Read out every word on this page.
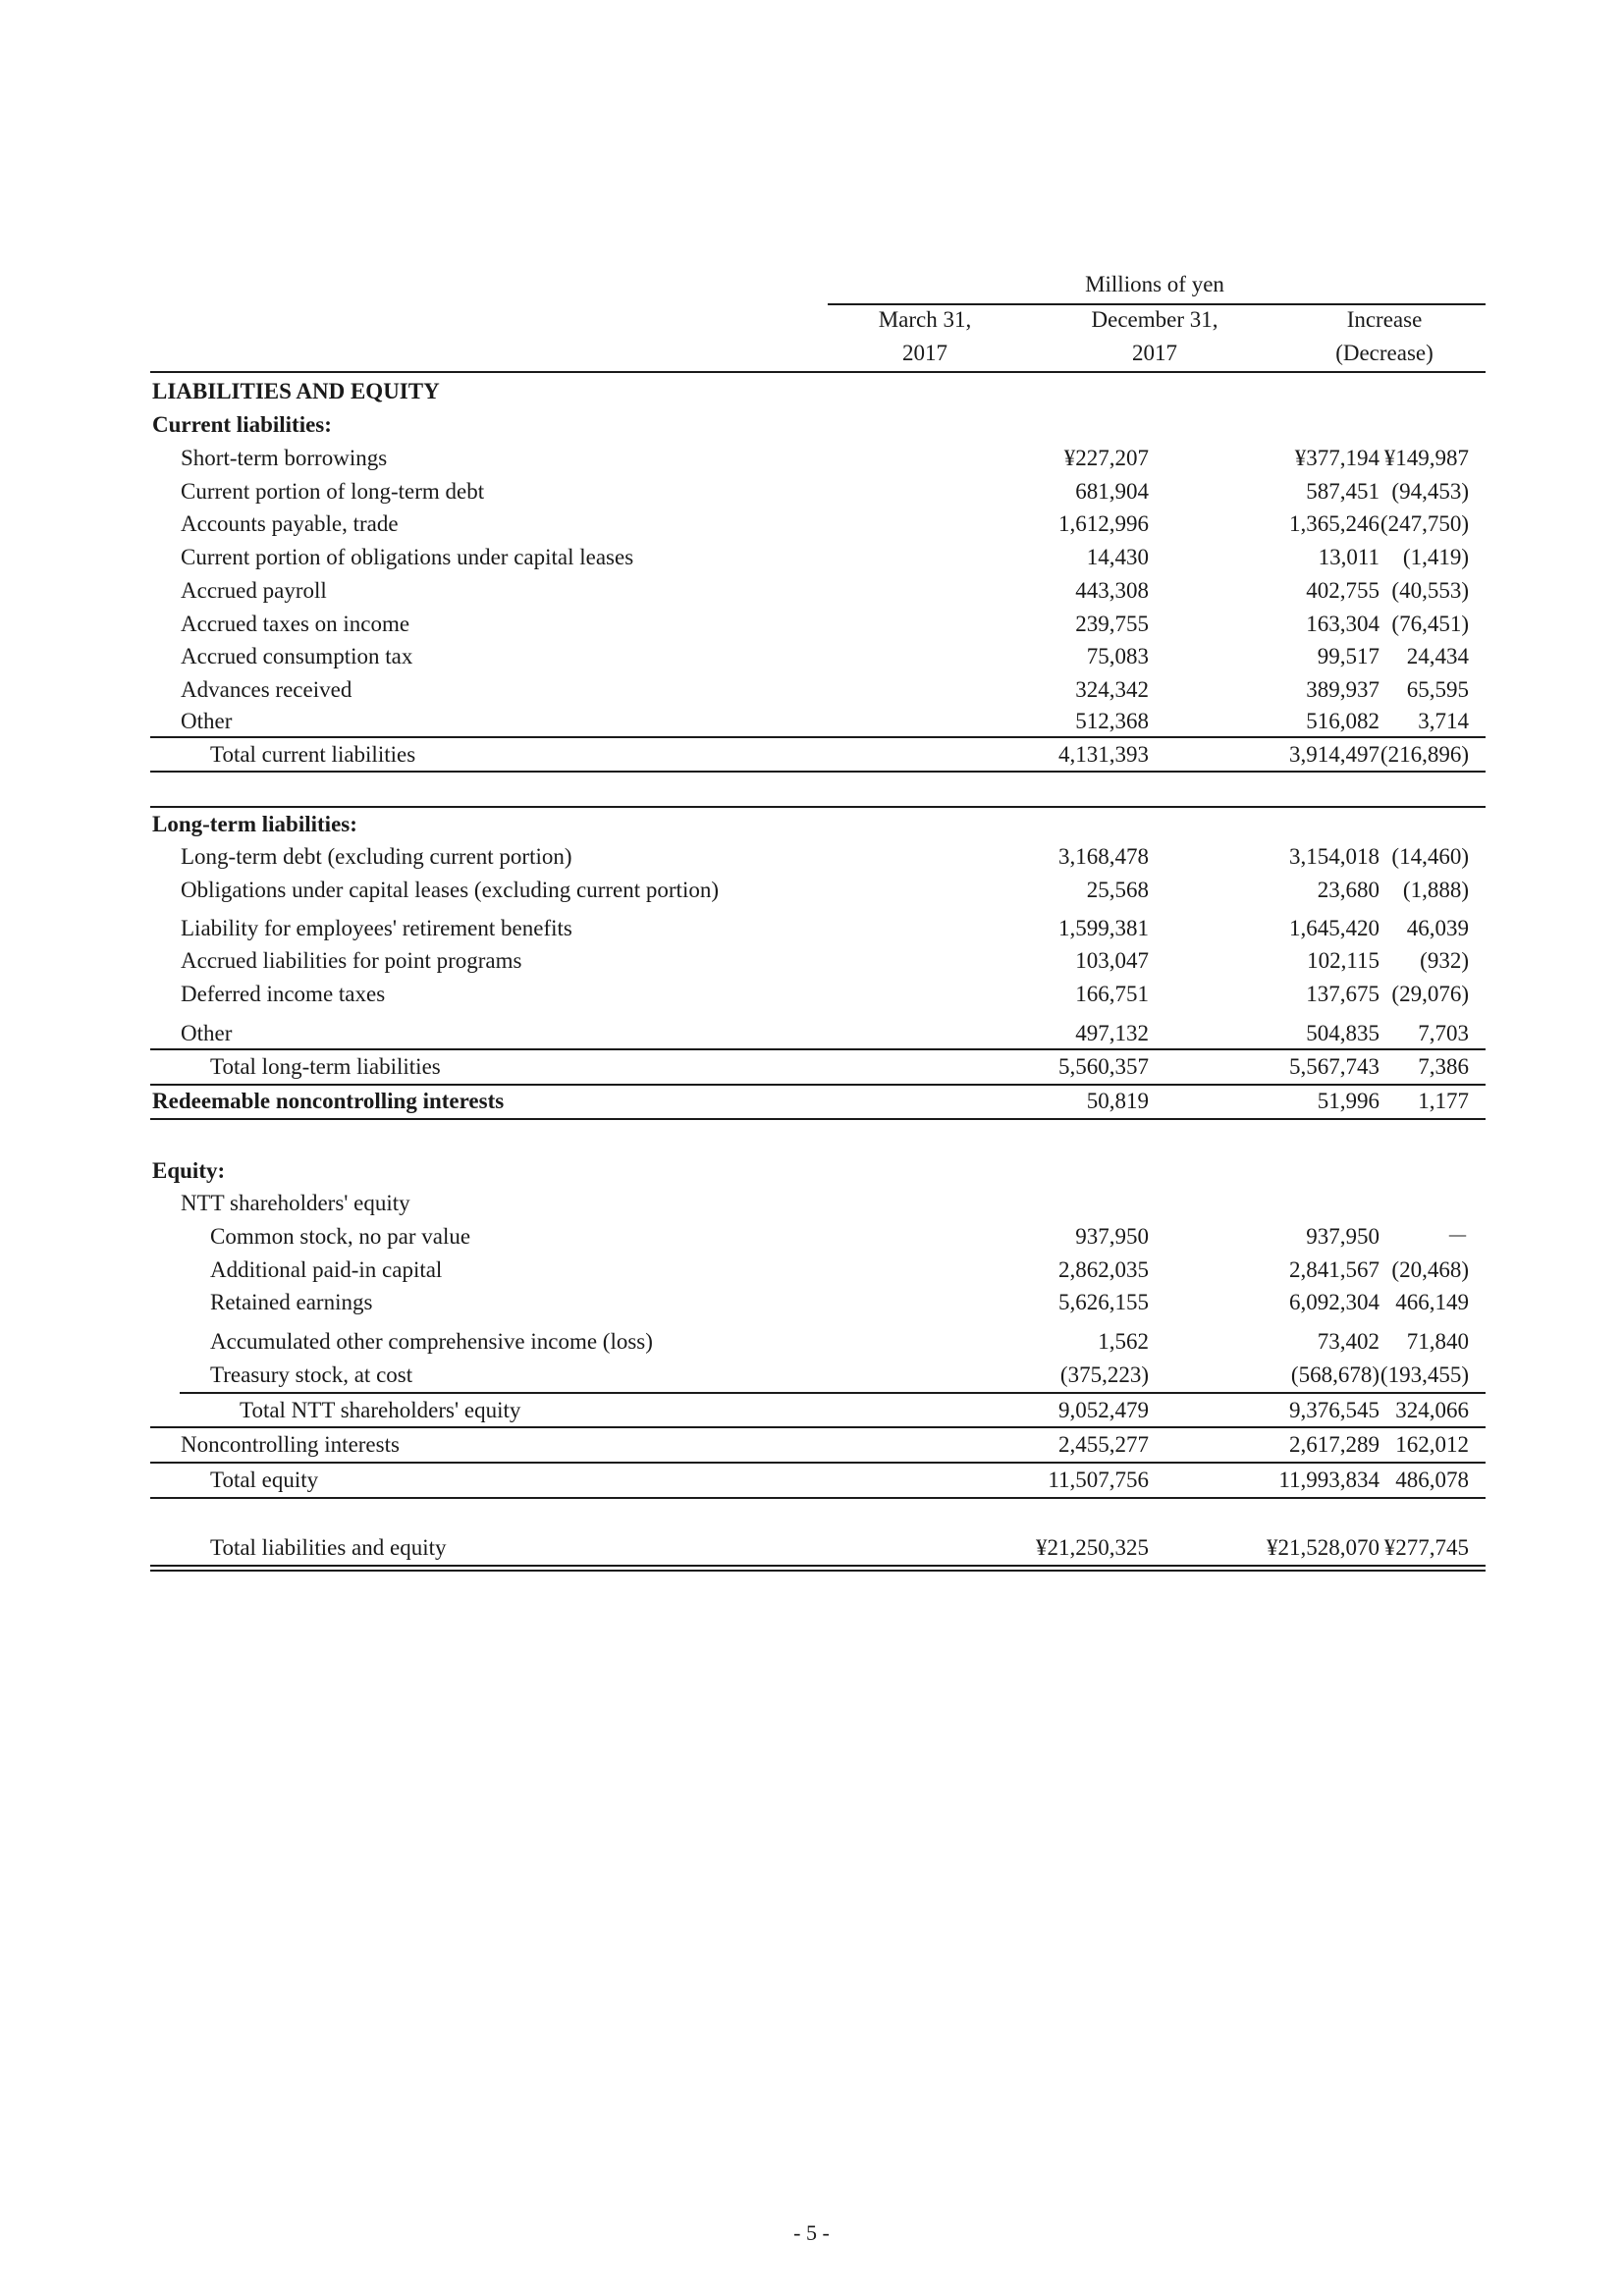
Millions of yen
March 31,
2017
December 31,
2017
Increase
(Decrease)
LIABILITIES AND EQUITY
Current liabilities:
Short-term borrowings	¥227,207	¥377,194 ¥149,987
Current portion of long-term debt	681,904	587,451 (94,453)
Accounts payable, trade	1,612,996	1,365,246 (247,750)
Current portion of obligations under capital leases	14,430	13,011 (1,419)
Accrued payroll	443,308	402,755 (40,553)
Accrued taxes on income	239,755	163,304 (76,451)
Accrued consumption tax	75,083	99,517 24,434
Advances received	324,342	389,937 65,595
Other	512,368	516,082 3,714
Total current liabilities	4,131,393	3,914,497 (216,896)
Long-term liabilities:
Long-term debt (excluding current portion)	3,168,478	3,154,018 (14,460)
Obligations under capital leases (excluding current portion)	25,568	23,680 (1,888)
Liability for employees' retirement benefits	1,599,381	1,645,420 46,039
Accrued liabilities for point programs	103,047	102,115 (932)
Deferred income taxes	166,751	137,675 (29,076)
Other	497,132	504,835 7,703
Total long-term liabilities	5,560,357	5,567,743 7,386
Redeemable noncontrolling interests	50,819	51,996 1,177
Equity:
NTT shareholders' equity
Common stock, no par value	937,950	937,950	－
Additional paid-in capital	2,862,035	2,841,567 (20,468)
Retained earnings	5,626,155	6,092,304 466,149
Accumulated other comprehensive income (loss)	1,562	73,402 71,840
Treasury stock, at cost	(375,223)	(568,678) (193,455)
Total NTT shareholders' equity	9,052,479	9,376,545 324,066
Noncontrolling interests	2,455,277	2,617,289 162,012
Total equity	11,507,756	11,993,834 486,078
Total liabilities and equity	¥21,250,325	¥21,528,070 ¥277,745
- 5 -
